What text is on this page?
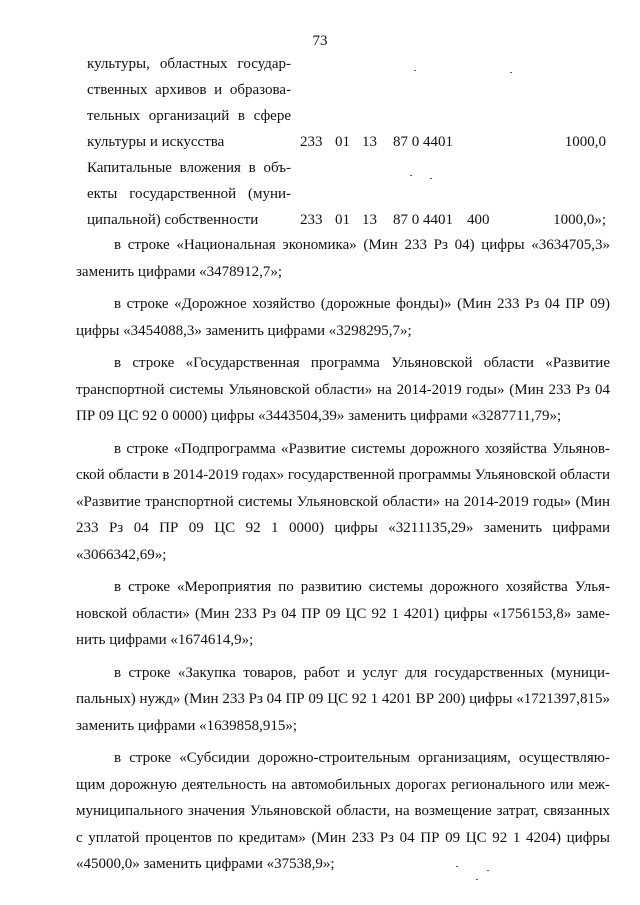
73
культуры, областных государ-
ственных архивов и образова-
тельных организаций в сфере
культуры и искусства	233 01 13 87 0 4401	1000,0
Капитальные вложения в объ-
екты государственной (муни-
ципальной) собственности	233 01 13 87 0 4401 400	1000,0»;

в строке «Национальная экономика» (Мин 233 Рз 04) цифры «3634705,3» заменить цифрами «3478912,7»;

в строке «Дорожное хозяйство (дорожные фонды)» (Мин 233 Рз 04 ПР 09) цифры «3454088,3» заменить цифрами «3298295,7»;

в строке «Государственная программа Ульяновской области «Развитие транспортной системы Ульяновской области» на 2014-2019 годы» (Мин 233 Рз 04 ПР 09 ЦС 92 0 0000) цифры «3443504,39» заменить цифрами «3287711,79»;

в строке «Подпрограмма «Развитие системы дорожного хозяйства Ульяновской области в 2014-2019 годах» государственной программы Ульяновской области «Развитие транспортной системы Ульяновской области» на 2014-2019 годы» (Мин 233 Рз 04 ПР 09 ЦС 92 1 0000) цифры «3211135,29» заменить цифрами «3066342,69»;

в строке «Мероприятия по развитию системы дорожного хозяйства Ульяновской области» (Мин 233 Рз 04 ПР 09 ЦС 92 1 4201) цифры «1756153,8» заменить цифрами «1674614,9»;

в строке «Закупка товаров, работ и услуг для государственных (муниципальных) нужд» (Мин 233 Рз 04 ПР 09 ЦС 92 1 4201 ВР 200) цифры «1721397,815» заменить цифрами «1639858,915»;

в строке «Субсидии дорожно-строительным организациям, осуществляющим дорожную деятельность на автомобильных дорогах регионального или межмуниципального значения Ульяновской области, на возмещение затрат, связанных с уплатой процентов по кредитам» (Мин 233 Рз 04 ПР 09 ЦС 92 1 4204) цифры «45000,0» заменить цифрами «37538,9»;
